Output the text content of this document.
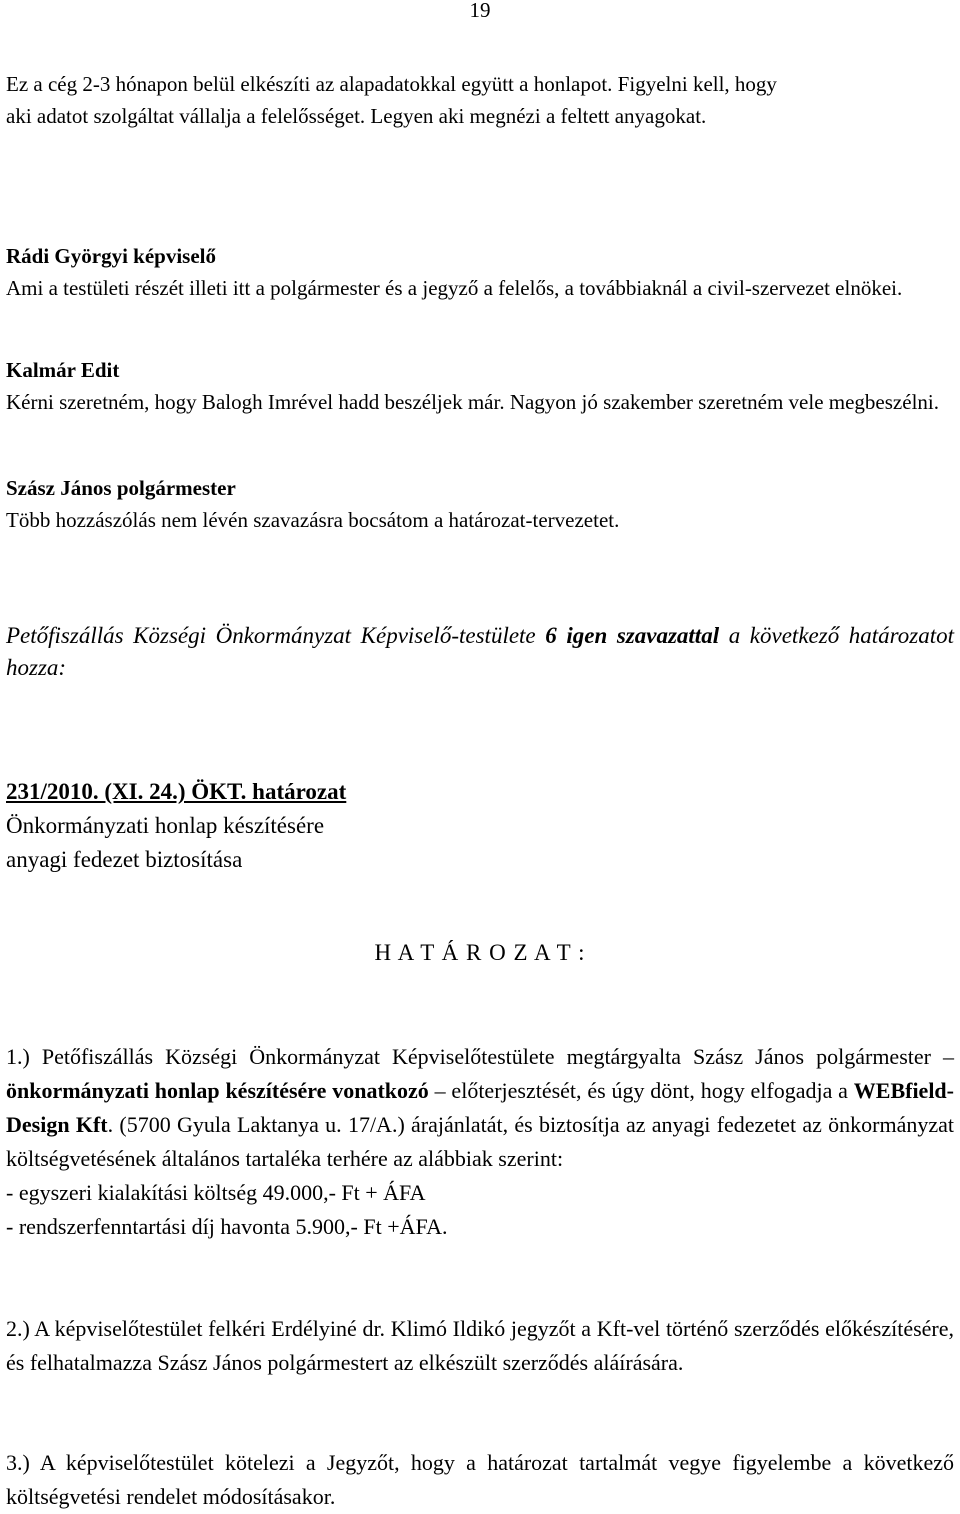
19

Ez a cég 2-3 hónapon belül elkészíti az alapadatokkal együtt a honlapot. Figyelni kell, hogy

aki adatot szolgáltat vállalja a felelősséget. Legyen aki megnézi a feltett anyagokat.

Rádi Györgyi képviselő

Ami a testületi részét illeti itt a polgármester és a jegyző a felelős, a továbbiaknál a civil-szervezet elnökei.

Kalmár Edit

Kérni szeretném, hogy Balogh Imrével hadd beszéljek már. Nagyon jó szakember szeretném vele megbeszélni.

Szász János polgármester

Több hozzászólás nem lévén szavazásra bocsátom a határozat-tervezetet.

Petőfiszállás Községi Önkormányzat Képviselő-testülete 6 igen szavazattal a következő határozatot hozza:

231/2010. (XI. 24.) ÖKT. határozat

Önkormányzati honlap készítésére

anyagi fedezet biztosítása

H A T Á R O Z A T :

1.) Petőfiszállás Községi Önkormányzat Képviselőtestülete megtárgyalta Szász János polgármester – önkormányzati honlap készítésére vonatkozó – előterjesztését, és úgy dönt, hogy elfogadja a WEBfield-Design Kft. (5700 Gyula Laktanya u. 17/A.) árajánlatát, és biztosítja az anyagi fedezetet az önkormányzat költségvetésének általános tartaléka terhére az alábbiak szerint:

- egyszeri kialakítási költség 49.000,- Ft + ÁFA

- rendszerfenntartási díj havonta 5.900,- Ft +ÁFA.

2.) A képviselőtestület felkéri Erdélyiné dr. Klimó Ildikó jegyzőt a Kft-vel történő szerződés előkészítésére, és felhatalmazza Szász János polgármestert az elkészült szerződés aláírására.

3.) A képviselőtestület kötelezi a Jegyzőt, hogy a határozat tartalmát vegye figyelembe a következő költségvetési rendelet módosításakor.
